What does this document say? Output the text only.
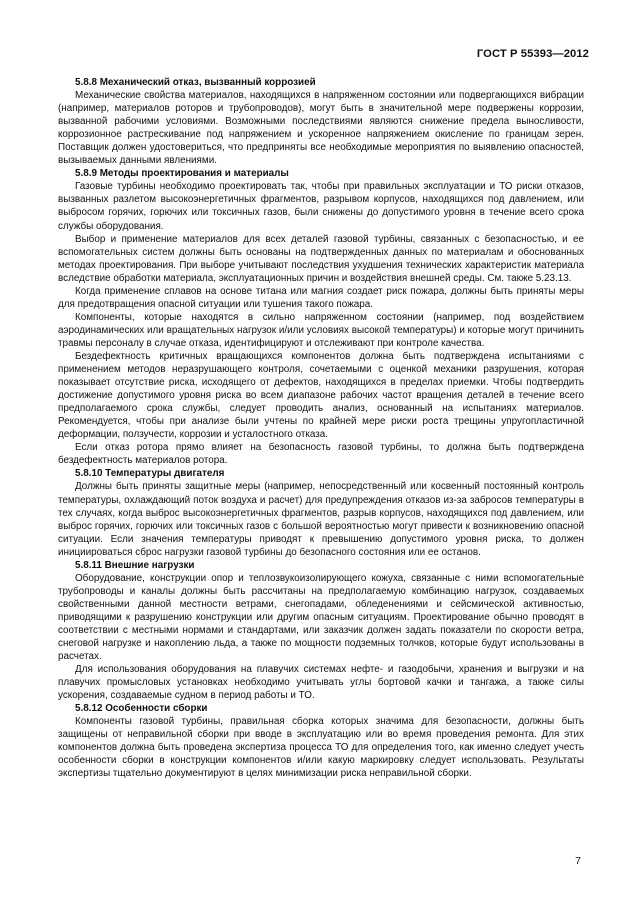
ГОСТ Р 55393—2012

5.8.8 Механический отказ, вызванный коррозией

Механические свойства материалов, находящихся в напряженном состоянии или подвергающихся вибрации (например, материалов роторов и трубопроводов), могут быть в значительной мере подвержены коррозии, вызванной рабочими условиями. Возможными последствиями являются снижение предела выносливости, коррозионное растрескивание под напряжением и ускоренное напряжением окисление по границам зерен. Поставщик должен удостовериться, что предприняты все необходимые мероприятия по выявлению опасностей, вызываемых данными явлениями.

5.8.9 Методы проектирования и материалы

Газовые турбины необходимо проектировать так, чтобы при правильных эксплуатации и ТО риски отказов, вызванных разлетом высокоэнергетичных фрагментов, разрывом корпусов, находящихся под давлением, или выбросом горячих, горючих или токсичных газов, были снижены до допустимого уровня в течение всего срока службы оборудования.

Выбор и применение материалов для всех деталей газовой турбины, связанных с безопасностью, и ее вспомогательных систем должны быть основаны на подтвержденных данных по материалам и обоснованных методах проектирования. При выборе учитывают последствия ухудшения технических характеристик материала вследствие обработки материала, эксплуатационных причин и воздействия внешней среды. См. также 5.23.13.

Когда применение сплавов на основе титана или магния создает риск пожара, должны быть приняты меры для предотвращения опасной ситуации или тушения такого пожара.

Компоненты, которые находятся в сильно напряженном состоянии (например, под воздействием аэродинамических или вращательных нагрузок и/или условиях высокой температуры) и которые могут причинить травмы персоналу в случае отказа, идентифицируют и отслеживают при контроле качества.

Бездефектность критичных вращающихся компонентов должна быть подтверждена испытаниями с применением методов неразрушающего контроля, сочетаемыми с оценкой механики разрушения, которая показывает отсутствие риска, исходящего от дефектов, находящихся в пределах приемки. Чтобы подтвердить достижение допустимого уровня риска во всем диапазоне рабочих частот вращения деталей в течение всего предполагаемого срока службы, следует проводить анализ, основанный на испытаниях материалов. Рекомендуется, чтобы при анализе были учтены по крайней мере риски роста трещины упругопластичной деформации, ползучести, коррозии и усталостного отказа.

Если отказ ротора прямо влияет на безопасность газовой турбины, то должна быть подтверждена бездефектность материалов ротора.

5.8.10 Температуры двигателя

Должны быть приняты защитные меры (например, непосредственный или косвенный постоянный контроль температуры, охлаждающий поток воздуха и расчет) для предупреждения отказов из-за забросов температуры в тех случаях, когда выброс высокоэнергетичных фрагментов, разрыв корпусов, находящихся под давлением, или выброс горячих, горючих или токсичных газов с большой вероятностью могут привести к возникновению опасной ситуации. Если значения температуры приводят к превышению допустимого уровня риска, то должен инициироваться сброс нагрузки газовой турбины до безопасного состояния или ее останов.

5.8.11 Внешние нагрузки

Оборудование, конструкции опор и теплозвукоизолирующего кожуха, связанные с ними вспомогательные трубопроводы и каналы должны быть рассчитаны на предполагаемую комбинацию нагрузок, создаваемых свойственными данной местности ветрами, снегопадами, обледенениями и сейсмической активностью, приводящими к разрушению конструкции или другим опасным ситуациям. Проектирование обычно проводят в соответствии с местными нормами и стандартами, или заказчик должен задать показатели по скорости ветра, снеговой нагрузке и накоплению льда, а также по мощности подземных толчков, которые будут использованы в расчетах.

Для использования оборудования на плавучих системах нефте- и газодобычи, хранения и выгрузки и на плавучих промысловых установках необходимо учитывать углы бортовой качки и тангажа, а также силы ускорения, создаваемые судном в период работы и ТО.

5.8.12 Особенности сборки

Компоненты газовой турбины, правильная сборка которых значима для безопасности, должны быть защищены от неправильной сборки при вводе в эксплуатацию или во время проведения ремонта. Для этих компонентов должна быть проведена экспертиза процесса ТО для определения того, как именно следует учесть особенности сборки в конструкции компонентов и/или какую маркировку следует использовать. Результаты экспертизы тщательно документируют в целях минимизации риска неправильной сборки.

7
